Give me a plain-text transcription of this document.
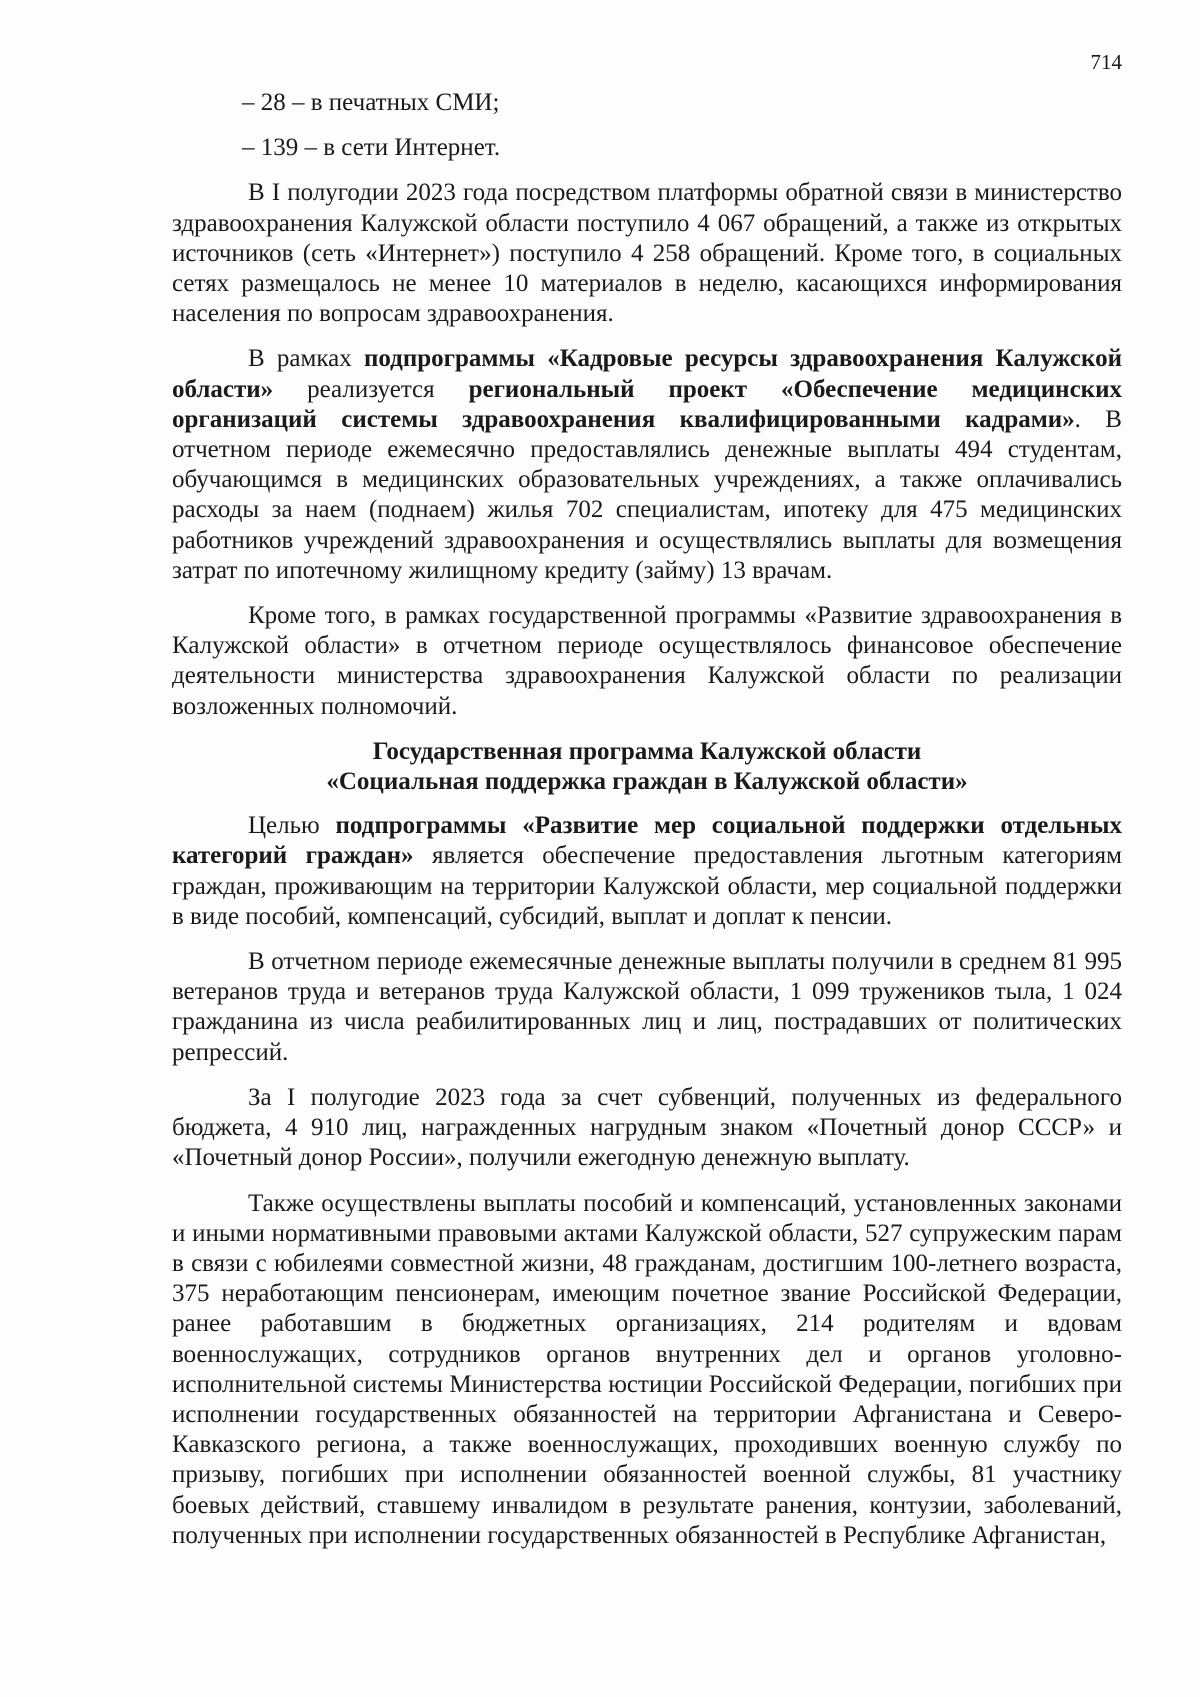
714

– 28 – в печатных СМИ;

– 139 – в сети Интернет.

В I полугодии 2023 года посредством платформы обратной связи в министерство здравоохранения Калужской области поступило 4 067 обращений, а также из открытых источников (сеть «Интернет») поступило 4 258 обращений. Кроме того, в социальных сетях размещалось не менее 10 материалов в неделю, касающихся информирования населения по вопросам здравоохранения.

В рамках подпрограммы «Кадровые ресурсы здравоохранения Калужской области» реализуется региональный проект «Обеспечение медицинских организаций системы здравоохранения квалифицированными кадрами». В отчетном периоде ежемесячно предоставлялись денежные выплаты 494 студентам, обучающимся в медицинских образовательных учреждениях, а также оплачивались расходы за наем (поднаем) жилья 702 специалистам, ипотеку для 475 медицинских работников учреждений здравоохранения и осуществлялись выплаты для возмещения затрат по ипотечному жилищному кредиту (займу) 13 врачам.

Кроме того, в рамках государственной программы «Развитие здравоохранения в Калужской области» в отчетном периоде осуществлялось финансовое обеспечение деятельности министерства здравоохранения Калужской области по реализации возложенных полномочий.

Государственная программа Калужской области
«Социальная поддержка граждан в Калужской области»

Целью подпрограммы «Развитие мер социальной поддержки отдельных категорий граждан» является обеспечение предоставления льготным категориям граждан, проживающим на территории Калужской области, мер социальной поддержки в виде пособий, компенсаций, субсидий, выплат и доплат к пенсии.

В отчетном периоде ежемесячные денежные выплаты получили в среднем 81 995 ветеранов труда и ветеранов труда Калужской области, 1 099 тружеников тыла, 1 024 гражданина из числа реабилитированных лиц и лиц, пострадавших от политических репрессий.

За I полугодие 2023 года за счет субвенций, полученных из федерального бюджета, 4 910 лиц, награжденных нагрудным знаком «Почетный донор СССР» и «Почетный донор России», получили ежегодную денежную выплату.

Также осуществлены выплаты пособий и компенсаций, установленных законами и иными нормативными правовыми актами Калужской области, 527 супружеским парам в связи с юбилеями совместной жизни, 48 гражданам, достигшим 100-летнего возраста, 375 неработающим пенсионерам, имеющим почетное звание Российской Федерации, ранее работавшим в бюджетных организациях, 214 родителям и вдовам военнослужащих, сотрудников органов внутренних дел и органов уголовно-исполнительной системы Министерства юстиции Российской Федерации, погибших при исполнении государственных обязанностей на территории Афганистана и Северо-Кавказского региона, а также военнослужащих, проходивших военную службу по призыву, погибших при исполнении обязанностей военной службы, 81 участнику боевых действий, ставшему инвалидом в результате ранения, контузии, заболеваний, полученных при исполнении государственных обязанностей в Республике Афганистан,
